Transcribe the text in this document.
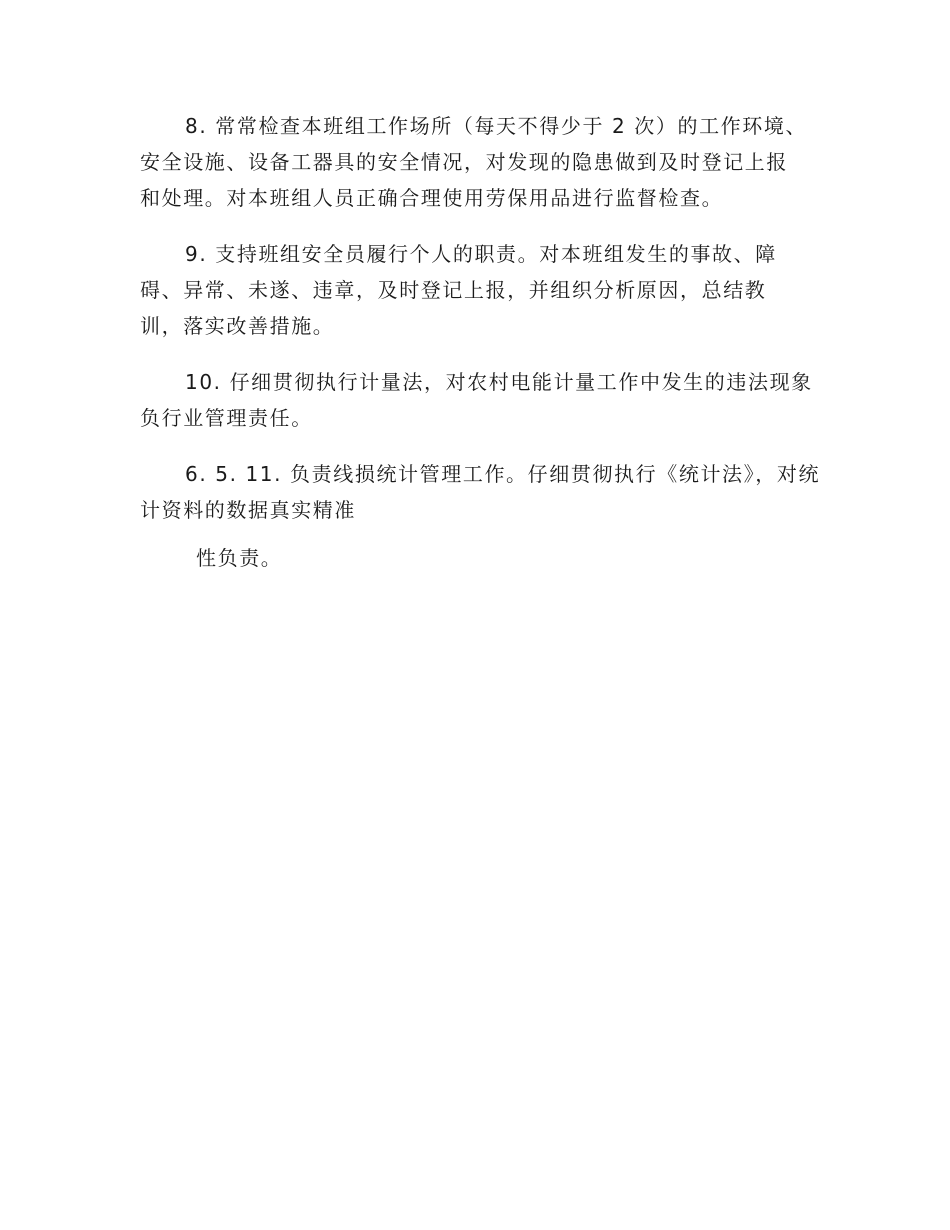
8. 常常检查本班组工作场所（每天不得少于 2 次）的工作环境、
安全设施、设备工器具的安全情况，对发现的隐患做到及时登记上报
和处理。对本班组人员正确合理使用劳保用品进行监督检查。
9. 支持班组安全员履行个人的职责。对本班组发生的事故、障
碍、异常、未遂、违章，及时登记上报，并组织分析原因，总结教
训，落实改善措施。
10. 仔细贯彻执行计量法，对农村电能计量工作中发生的违法现象
负行业管理责任。
6. 5. 11. 负责线损统计管理工作。仔细贯彻执行《统计法》，对统
计资料的数据真实精准
性负责。
